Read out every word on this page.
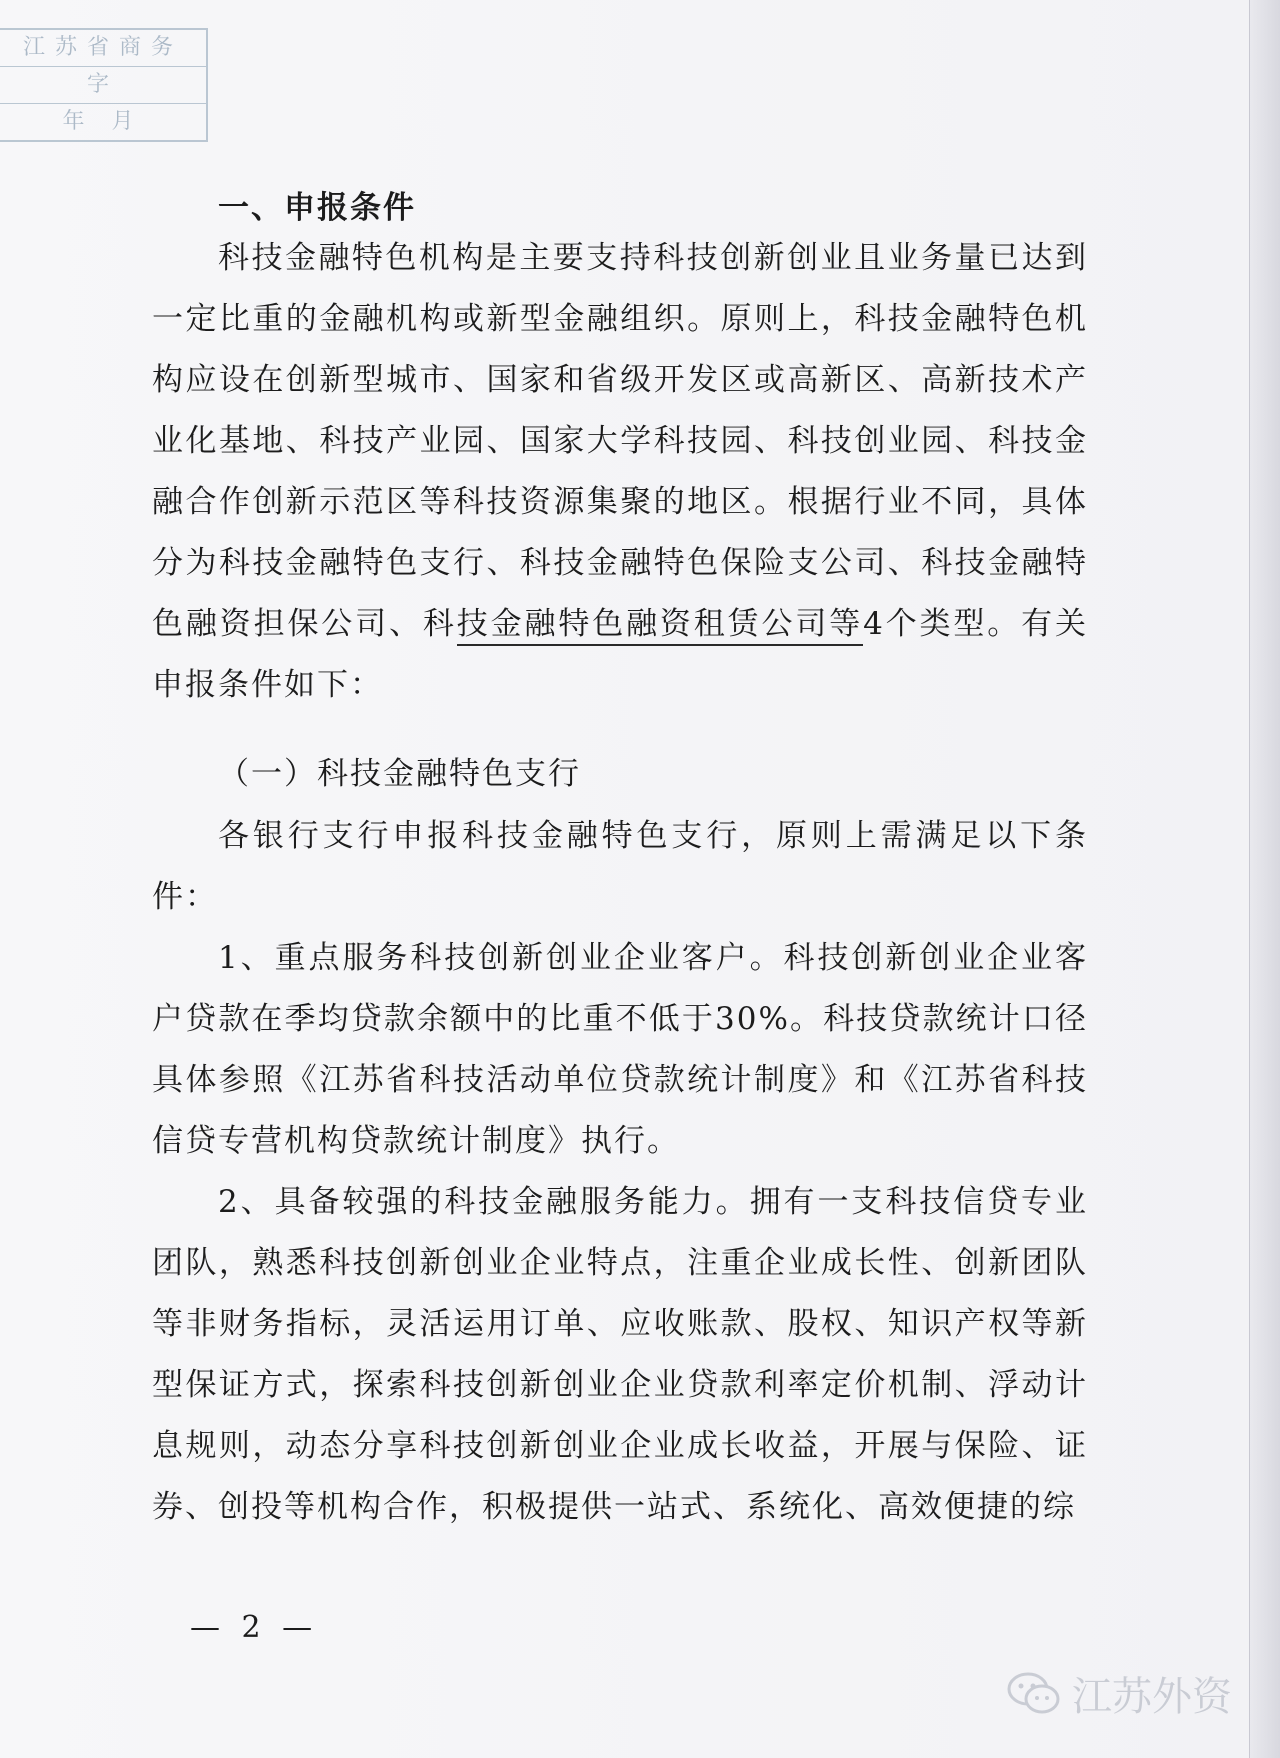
江苏省商务
字
年 月
一、申报条件

科技金融特色机构是主要支持科技创新创业且业务量已达到一定比重的金融机构或新型金融组织。原则上，科技金融特色机构应设在创新型城市、国家和省级开发区或高新区、高新技术产业化基地、科技产业园、国家大学科技园、科技创业园、科技金融合作创新示范区等科技资源集聚的地区。根据行业不同，具体分为科技金融特色支行、科技金融特色保险支公司、科技金融特色融资担保公司、科技金融特色融资租赁公司等4个类型。有关申报条件如下：

（一）科技金融特色支行

各银行支行申报科技金融特色支行，原则上需满足以下条件：

1、重点服务科技创新创业企业客户。科技创新创业企业客户贷款在季均贷款余额中的比重不低于30%。科技贷款统计口径具体参照《江苏省科技活动单位贷款统计制度》和《江苏省科技信贷专营机构贷款统计制度》执行。

2、具备较强的科技金融服务能力。拥有一支科技信贷专业团队，熟悉科技创新创业企业特点，注重企业成长性、创新团队等非财务指标，灵活运用订单、应收账款、股权、知识产权等新型保证方式，探索科技创新创业企业贷款利率定价机制、浮动计息规则，动态分享科技创新创业企业成长收益，开展与保险、证券、创投等机构合作，积极提供一站式、系统化、高效便捷的综

— 2 —
江苏外资
